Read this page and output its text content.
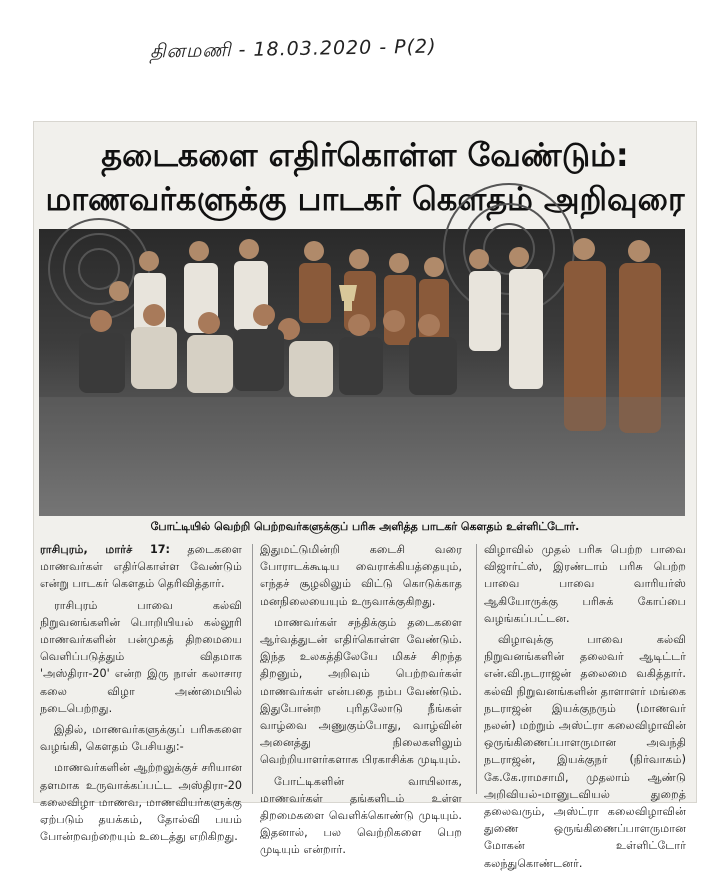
தினமணி - 18.03.2020 - P(2)
தடைகளை எதிர்கொள்ள வேண்டும்:
மாணவர்களுக்கு பாடகர் கௌதம் அறிவுரை
போட்டியில் வெற்றி பெற்றவர்களுக்குப் பரிசு அளித்த பாடகர் கௌதம் உள்ளிட்டோர்.

ராசிபுரம், மார்ச் 17: தடைகளை மாணவர்கள் எதிர்கொள்ள வேண்டும் என்று பாடகர் கௌதம் தெரிவித்தார்.

ராசிபுரம் பாவை கல்வி நிறுவனங்களின் பொறியியல் கல்லூரி மாணவர்களின் பன்முகத் திறமையை வெளிப்படுத்தும் விதமாக 'அஸ்திரா-20' என்ற இரு நாள் கலாசார கலை விழா அண்மையில் நடைபெற்றது.

இதில், மாணவர்களுக்குப் பரிசுகளை வழங்கி, கௌதம் பேசியது:-

மாணவர்களின் ஆற்றலுக்குச் சரியான தளமாக உருவாக்கப்பட்ட அஸ்திரா-20 கலைவிழா மாணவ, மாணவியர்களுக்கு ஏற்படும் தயக்கம், தோல்வி பயம் போன்றவற்றையும் உடைத்து எறிகிறது.

இதுமட்டுமின்றி கடைசி வரை போராடக்கூடிய வைராக்கியத்தையும், எந்தச் சூழலிலும் விட்டு கொடுக்காத மனநிலையையும் உருவாக்குகிறது.

மாணவர்கள் சந்திக்கும் தடைகளை ஆர்வத்துடன் எதிர்கொள்ள வேண்டும். இந்த உலகத்திலேயே மிகச் சிறந்த திறனும், அறிவும் பெற்றவர்கள் மாணவர்கள் என்பதை நம்ப வேண்டும். இதுபோன்ற புரிதலோடு நீங்கள் வாழ்வை அணுகும்போது, வாழ்வின் அனைத்து நிலைகளிலும் வெற்றியாளர்களாக பிரகாசிக்க முடியும்.

போட்டிகளின் வாயிலாக, மாணவர்கள் தங்களிடம் உள்ள திறமைகளை வெளிக்கொண்டு முடியும். இதனால், பல வெற்றிகளை பெற முடியும் என்றார்.

விழாவில் முதல் பரிசு பெற்ற பாவை விஜார்ட்ஸ், இரண்டாம் பரிசு பெற்ற பாவை பாவை வாரியர்ஸ் ஆகியோருக்கு பரிசுக் கோப்பை வழங்கப்பட்டன.

விழாவுக்கு பாவை கல்வி நிறுவனங்களின் தலைவர் ஆடிட்டர் என்.வி.நடராஜன் தலைமை வகித்தார். கல்வி நிறுவனங்களின் தாளாளர் மங்கை நடராஜன் இயக்குநரும் (மாணவர் நலன்) மற்றும் அஸ்ட்ரா கலைவிழாவின் ஒருங்கிணைப்பாளருமான அவந்தி நடராஜன், இயக்குநர் (நிர்வாகம்) கே.கே.ராமசாமி, முதலாம் ஆண்டு அறிவியல்-மானுடவியல் துறைத் தலைவரும், அஸ்ட்ரா கலைவிழாவின் துணை ஒருங்கிணைப்பாளருமான மோகன் உள்ளிட்டோர் கலந்துகொண்டனர்.
